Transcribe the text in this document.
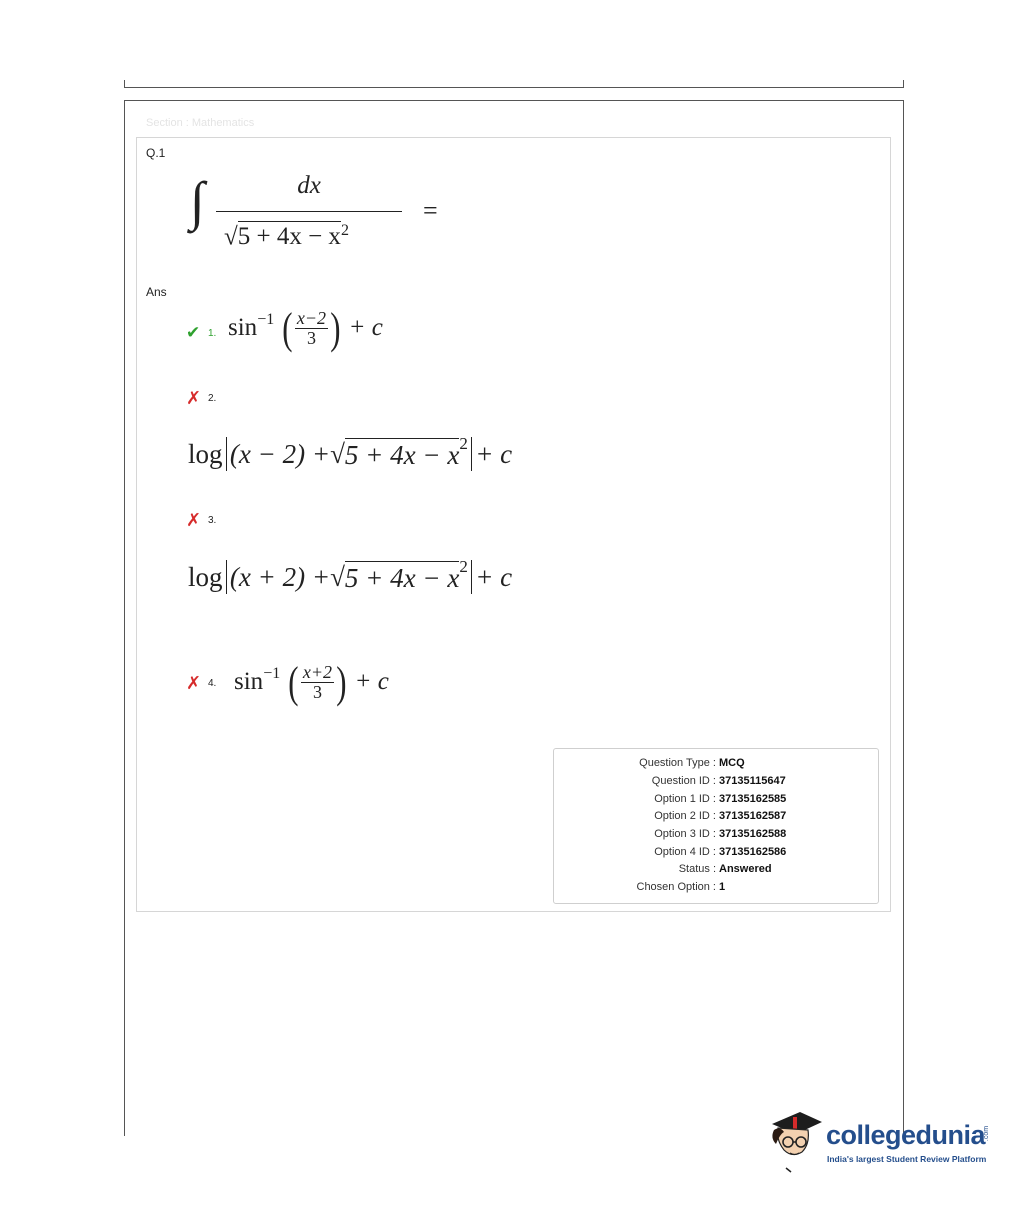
Section : Mathematics
Q.1
∫	dx
$√5 + 4x - x^2$
=
Ans
✔ 1. $\sin^{-1}$ ( $\frac{x-2}{3}$ ) + c
✗ 2.
log (x − 2) + √ $5 + 4x - x^2 + c$
✗ 3.
log (x + 2) + √ $5 + 4x - x^2 + c$
✗ 4. $\sin^{-1}$ ( $\frac{x+2}{3}$ ) + c
Question Type : MCQ
Question ID : 37135115647
Option 1 ID : 37135162585
Option 2 ID : 37135162587
Option 3 ID : 37135162588
Option 4 ID : 37135162586
Status : Answered
Chosen Option : 1
collegedunia
.com
India's largest Student Review Platform
